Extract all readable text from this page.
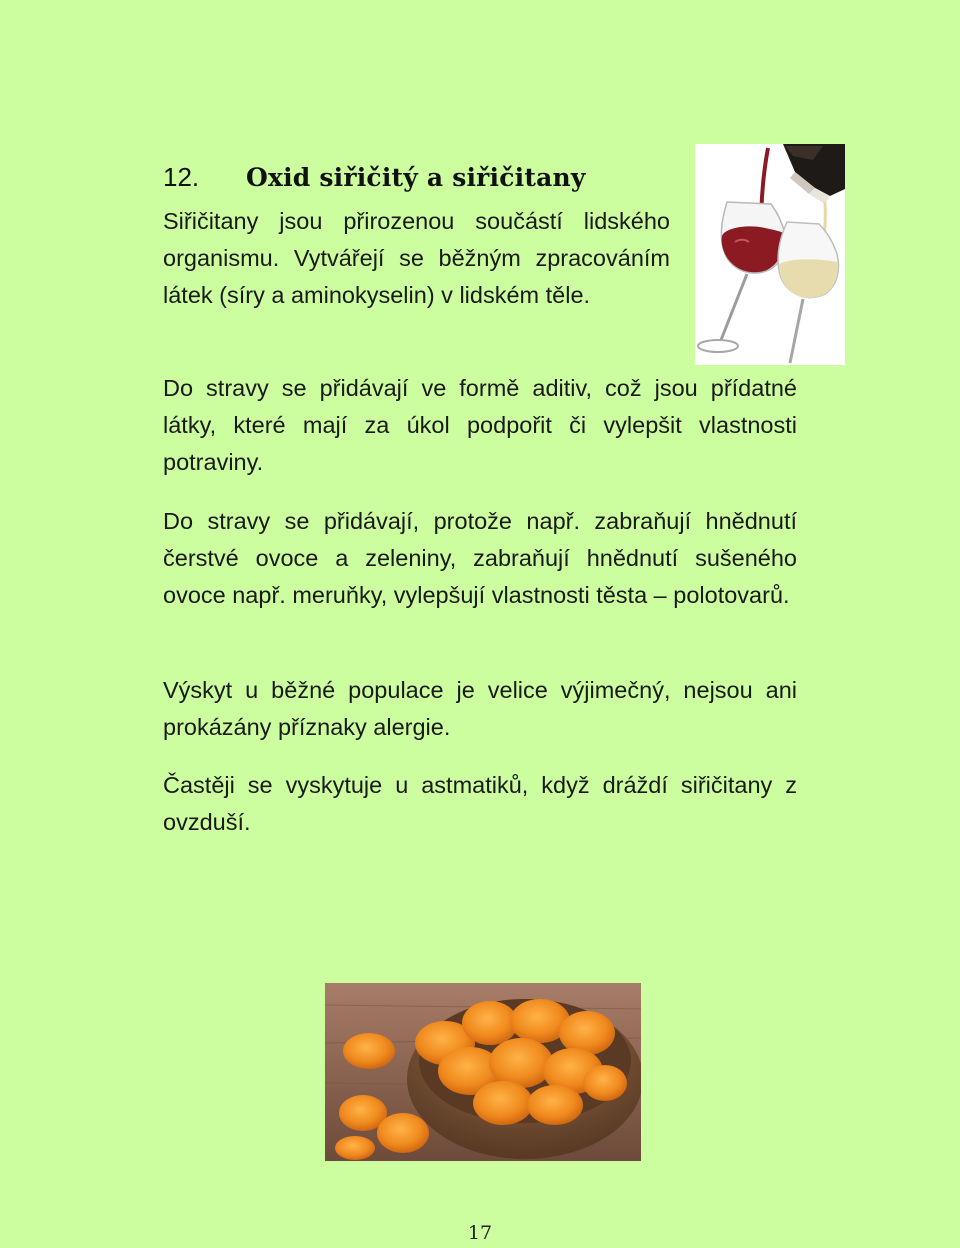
12.	Oxid siřičitý a siřičitany

Siřičitany jsou přirozenou součástí lidského organismu. Vytvářejí se běžným zpracováním látek (síry a aminokyselin) v lidském těle.

Do stravy se přidávají ve formě aditiv, což jsou přídatné látky, které mají za úkol podpořit či vylepšit vlastnosti potraviny.

Do stravy se přidávají, protože např. zabraňují hnědnutí čerstvé ovoce a zeleniny, zabraňují hnědnutí sušeného ovoce např. meruňky, vylepšují vlastnosti těsta – polotovarů.

Výskyt u běžné populace je velice výjimečný, nejsou ani prokázány příznaky alergie.

Častěji se vyskytuje u astmatiků, když dráždí siřičitany z ovzduší.

17
